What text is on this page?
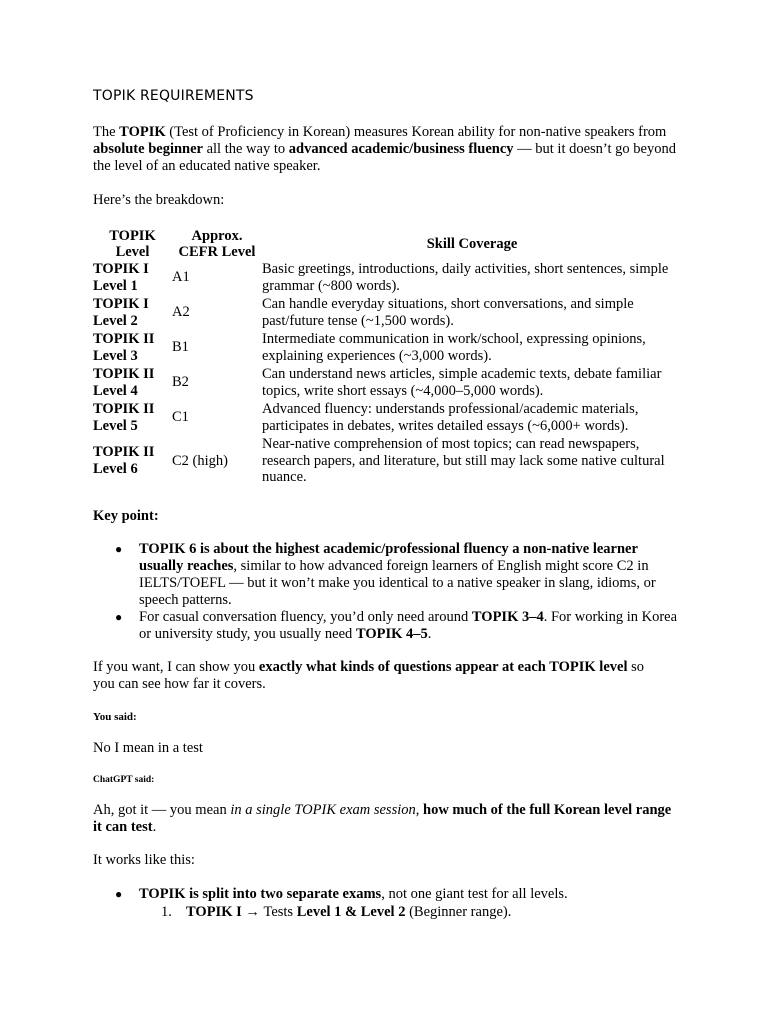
TOPIK REQUIREMENTS

The TOPIK (Test of Proficiency in Korean) measures Korean ability for non-native speakers from absolute beginner all the way to advanced academic/business fluency — but it doesn’t go beyond the level of an educated native speaker.

Here’s the breakdown:

TOPIK Level	Approx. CEFR Level	Skill Coverage
TOPIK I Level 1	A1	Basic greetings, introductions, daily activities, short sentences, simple grammar (~800 words).
TOPIK I Level 2	A2	Can handle everyday situations, short conversations, and simple past/future tense (~1,500 words).
TOPIK II Level 3	B1	Intermediate communication in work/school, expressing opinions, explaining experiences (~3,000 words).
TOPIK II Level 4	B2	Can understand news articles, simple academic texts, debate familiar topics, write short essays (~4,000–5,000 words).
TOPIK II Level 5	C1	Advanced fluency: understands professional/academic materials, participates in debates, writes detailed essays (~6,000+ words).
TOPIK II Level 6	C2 (high)	Near-native comprehension of most topics; can read newspapers, research papers, and literature, but still may lack some native cultural nuance.

Key point:

● TOPIK 6 is about the highest academic/professional fluency a non-native learner usually reaches, similar to how advanced foreign learners of English might score C2 in IELTS/TOEFL — but it won’t make you identical to a native speaker in slang, idioms, or speech patterns.
● For casual conversation fluency, you’d only need around TOPIK 3–4. For working in Korea or university study, you usually need TOPIK 4–5.

If you want, I can show you exactly what kinds of questions appear at each TOPIK level so you can see how far it covers.

You said:

No I mean in a test

ChatGPT said:

Ah, got it — you mean in a single TOPIK exam session, how much of the full Korean level range it can test.

It works like this:

● TOPIK is split into two separate exams, not one giant test for all levels.
1. TOPIK I → Tests Level 1 & Level 2 (Beginner range).
